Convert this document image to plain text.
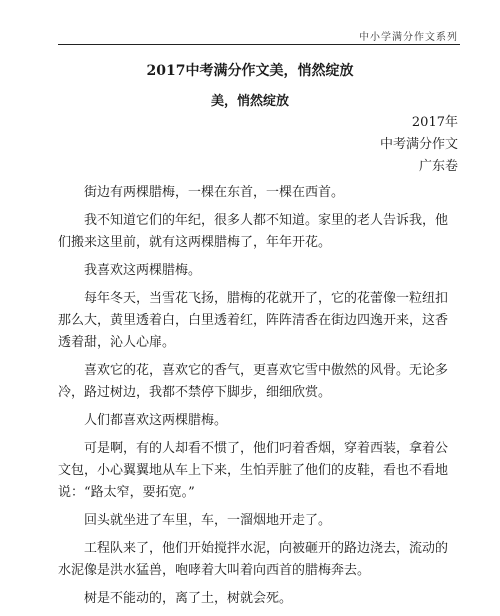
中小学满分作文系列
2017中考满分作文美，悄然绽放
美，悄然绽放
2017年
中考满分作文
广东卷

街边有两棵腊梅，一棵在东首，一棵在西首。

我不知道它们的年纪，很多人都不知道。家里的老人告诉我，他们搬来这里前，就有这两棵腊梅了，年年开花。

我喜欢这两棵腊梅。

每年冬天，当雪花飞扬，腊梅的花就开了，它的花蕾像一粒纽扣那么大，黄里透着白，白里透着红，阵阵清香在街边四逸开来，这香透着甜，沁人心扉。

喜欢它的花，喜欢它的香气，更喜欢它雪中傲然的风骨。无论多冷，路过树边，我都不禁停下脚步，细细欣赏。

人们都喜欢这两棵腊梅。

可是啊，有的人却看不惯了，他们叼着香烟，穿着西装，拿着公文包，小心翼翼地从车上下来，生怕弄脏了他们的皮鞋，看也不看地说：“路太窄，要拓宽。”

回头就坐进了车里，车，一溜烟地开走了。

工程队来了，他们开始搅拌水泥，向被砸开的路边浇去，流动的水泥像是洪水猛兽，咆哮着大叫着向西首的腊梅奔去。

树是不能动的，离了土，树就会死。
